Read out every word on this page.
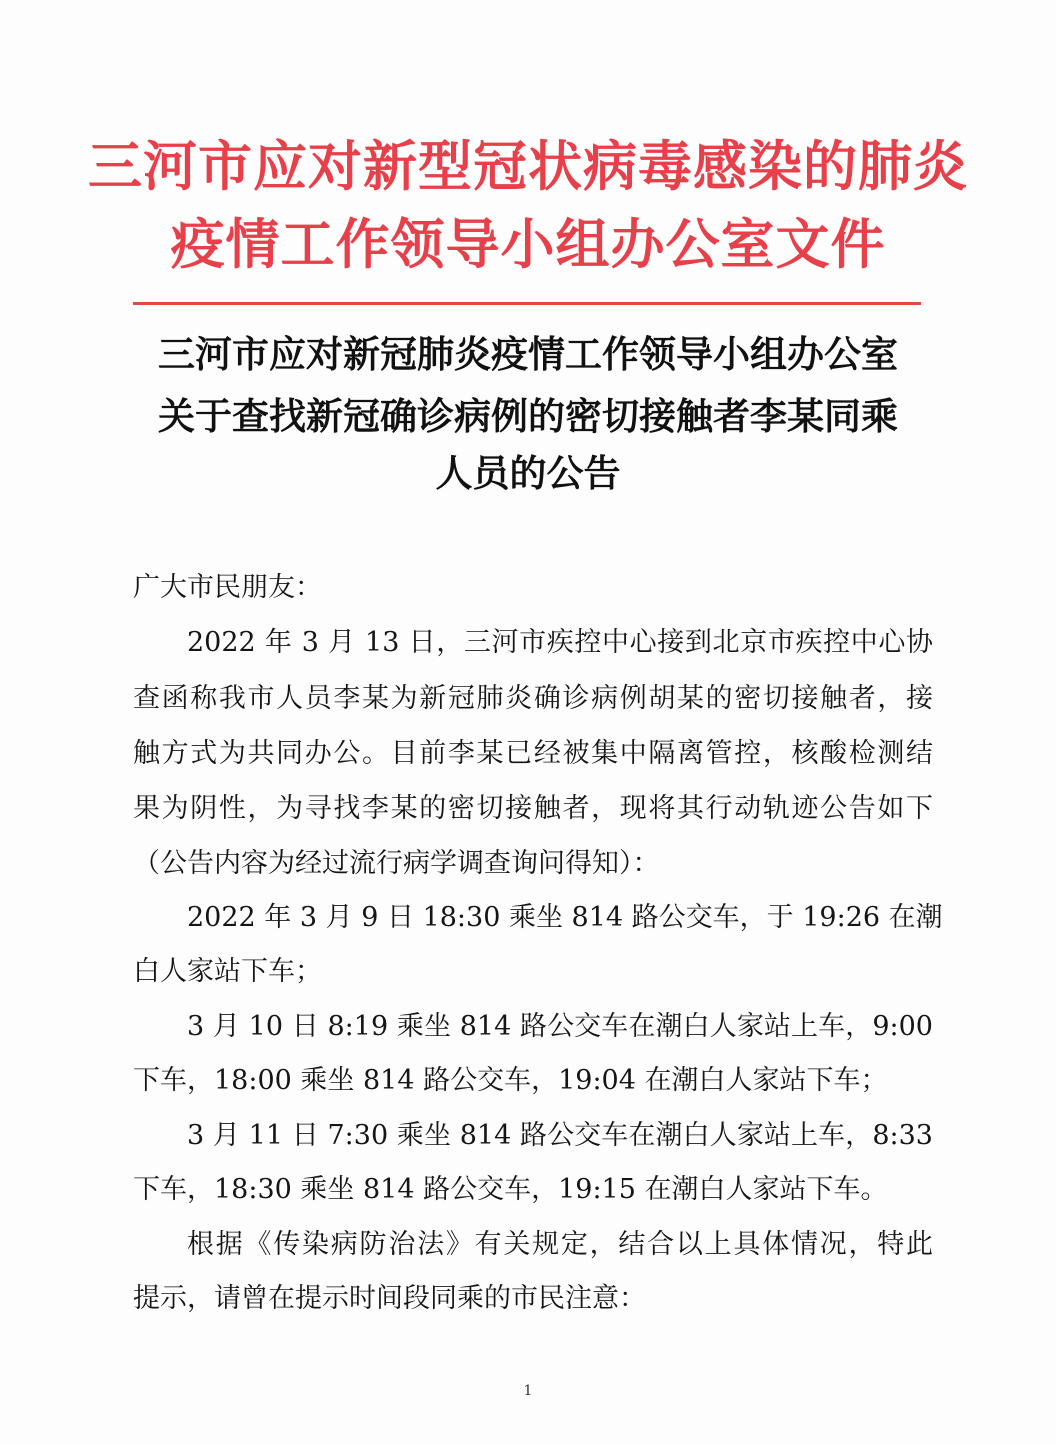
三河市应对新型冠状病毒感染的肺炎
疫情工作领导小组办公室文件
三河市应对新冠肺炎疫情工作领导小组办公室
关于查找新冠确诊病例的密切接触者李某同乘
人员的公告
广大市民朋友：
2022 年 3 月 13 日，三河市疾控中心接到北京市疾控中心协
查函称我市人员李某为新冠肺炎确诊病例胡某的密切接触者，接
触方式为共同办公。目前李某已经被集中隔离管控，核酸检测结
果为阴性，为寻找李某的密切接触者，现将其行动轨迹公告如下
（公告内容为经过流行病学调查询问得知）：
2022 年 3 月 9 日 18:30 乘坐 814 路公交车，于 19:26 在潮
白人家站下车；
3 月 10 日 8:19 乘坐 814 路公交车在潮白人家站上车，9:00
下车，18:00 乘坐 814 路公交车，19:04 在潮白人家站下车；
3 月 11 日 7:30 乘坐 814 路公交车在潮白人家站上车，8:33
下车，18:30 乘坐 814 路公交车，19:15 在潮白人家站下车。
根据《传染病防治法》有关规定，结合以上具体情况，特此
提示，请曾在提示时间段同乘的市民注意：
1
